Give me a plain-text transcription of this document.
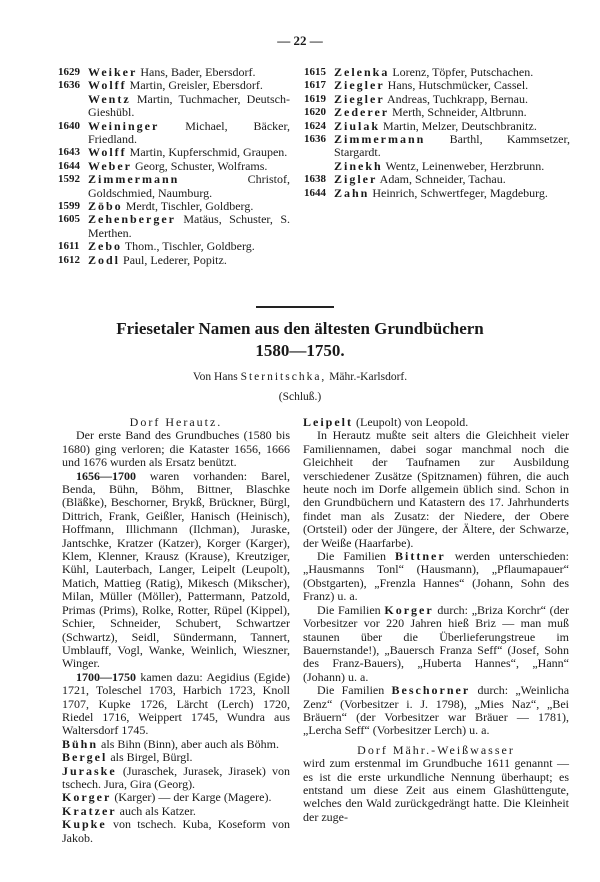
— 22 —
1629 Weiker Hans, Bader, Ebersdorf.
1636 Wolff Martin, Greisler, Ebersdorf.
Wentz Martin, Tuchmacher, Deutsch-Gieshübl.
1640 Weininger Michael, Bäcker, Friedland.
1643 Wolff Martin, Kupferschmid, Graupen.
1644 Weber Georg, Schuster, Wolframs.
1592 Zimmermann	Christof, Goldschmied, Naumburg.
1599 Zöbo Merdt, Tischler, Goldberg.
1605 Zehenberger Matäus, Schuster, S. Merthen.
1611 Zebo Thom., Tischler, Goldberg.
1612 Zodl Paul, Lederer, Popitz.
1615 Zelenka Lorenz, Töpfer, Putschachen.
1617 Ziegler Hans, Hutschmücker, Cassel.
1619 Ziegler Andreas, Tuchkrapp, Bernau.
1620 Zederer Merth, Schneider, Altbrunn.
1624 Ziulak Martin, Melzer, Deutschbranitz.
1636 Zimmermann Barthl, Kammsetzer, Stargardt.
Zinekh Wentz, Leinenweber, Herzbrunn.
1638 Zigler Adam, Schneider, Tachau.
1644 Zahn Heinrich, Schwertfeger, Magdeburg.
Friesetaler Namen aus den ältesten Grundbüchern
1580—1750.
Von Hans Sternitschka, Mähr.-Karlsdorf.
(Schluß.)

Dorf Herautz.

Der erste Band des Grundbuches (1580 bis 1680) ging verloren; die Kataster 1656, 1666 und 1676 wurden als Ersatz benützt.

1656—1700 waren vorhanden: Barel, Benda, Bühn, Böhm, Bittner, Blaschke (Bläßke), Beschorner, Brykß, Brückner, Bürgl, Dittrich, Frank, Geißler, Hanisch (Heinisch), Hoffmann, Illichmann (Ilchman), Juraske, Jantschke, Kratzer (Katzer), Korger (Karger), Klem, Klenner, Krausz (Krause), Kreutziger, Kühl, Lauterbach, Langer, Leipelt (Leupolt), Matich, Mattieg (Ratig), Mikesch (Mikscher), Milan, Müller (Möller), Pattermann, Patzold, Primas (Prims), Rolke, Rotter, Rüpel (Kippel), Schier, Schneider, Schubert, Schwartzer (Schwartz), Seidl, Sündermann, Tannert, Umblauff, Vogl, Wanke, Weinlich, Wieszner, Winger.

1700—1750 kamen dazu: Aegidius (Egide) 1721, Toleschel 1703, Harbich 1723, Knoll 1707, Kupke 1726, Lärcht (Lerch) 1720, Riedel 1716, Weippert 1745, Wundra aus Waltersdorf 1745.

Bühn als Bihn (Binn), aber auch als Böhm.

Bergel als Birgel, Bürgl.

Juraske (Juraschek, Jurasek, Jirasek) von tschech. Jura, Gira (Georg).

Korger (Karger) — der Karge (Magere).

Kratzer auch als Katzer.

Kupke von tschech. Kuba, Koseform von Jakob.

Leipelt (Leupolt) von Leopold.

In Herautz mußte seit alters die Gleichheit vieler Familiennamen, dabei sogar manchmal noch die Gleichheit der Taufnamen zur Ausbildung verschiedener Zusätze (Spitznamen) führen, die auch heute noch im Dorfe allgemein üblich sind. Schon in den Grundbüchern und Katastern des 17. Jahrhunderts findet man als Zusatz: der Niedere, der Obere (Ortsteil) oder der Jüngere, der Ältere, der Schwarze, der Weiße (Haarfarbe).

Die Familien Bittner werden unterschieden: „Hausmanns Tonl“ (Hausmann), „Pflaumapauer“ (Obstgarten), „Frenzla Hannes“ (Johann, Sohn des Franz) u. a.

Die Familien Korger durch: „Briza Korchr“ (der Vorbesitzer vor 220 Jahren hieß Briz — man muß staunen über die Überlieferungstreue im Bauernstande!), „Bauersch Franza Seff“ (Josef, Sohn des Franz-Bauers), „Huberta Hannes“, „Hann“ (Johann) u. a.

Die Familien Beschorner durch: „Weinlicha Zenz“ (Vorbesitzer i. J. 1798), „Mies Naz“, „Bei Bräuern“ (der Vorbesitzer war Bräuer — 1781), „Lercha Seff“ (Vorbesitzer Lerch) u. a.

Dorf Mähr.-Weißwasser

wird zum erstenmal im Grundbuche 1611 genannt — es ist die erste urkundliche Nennung überhaupt; es entstand um diese Zeit aus einem Glashüttengute, welches den Wald zurückgedrängt hatte. Die Kleinheit der zuge-
